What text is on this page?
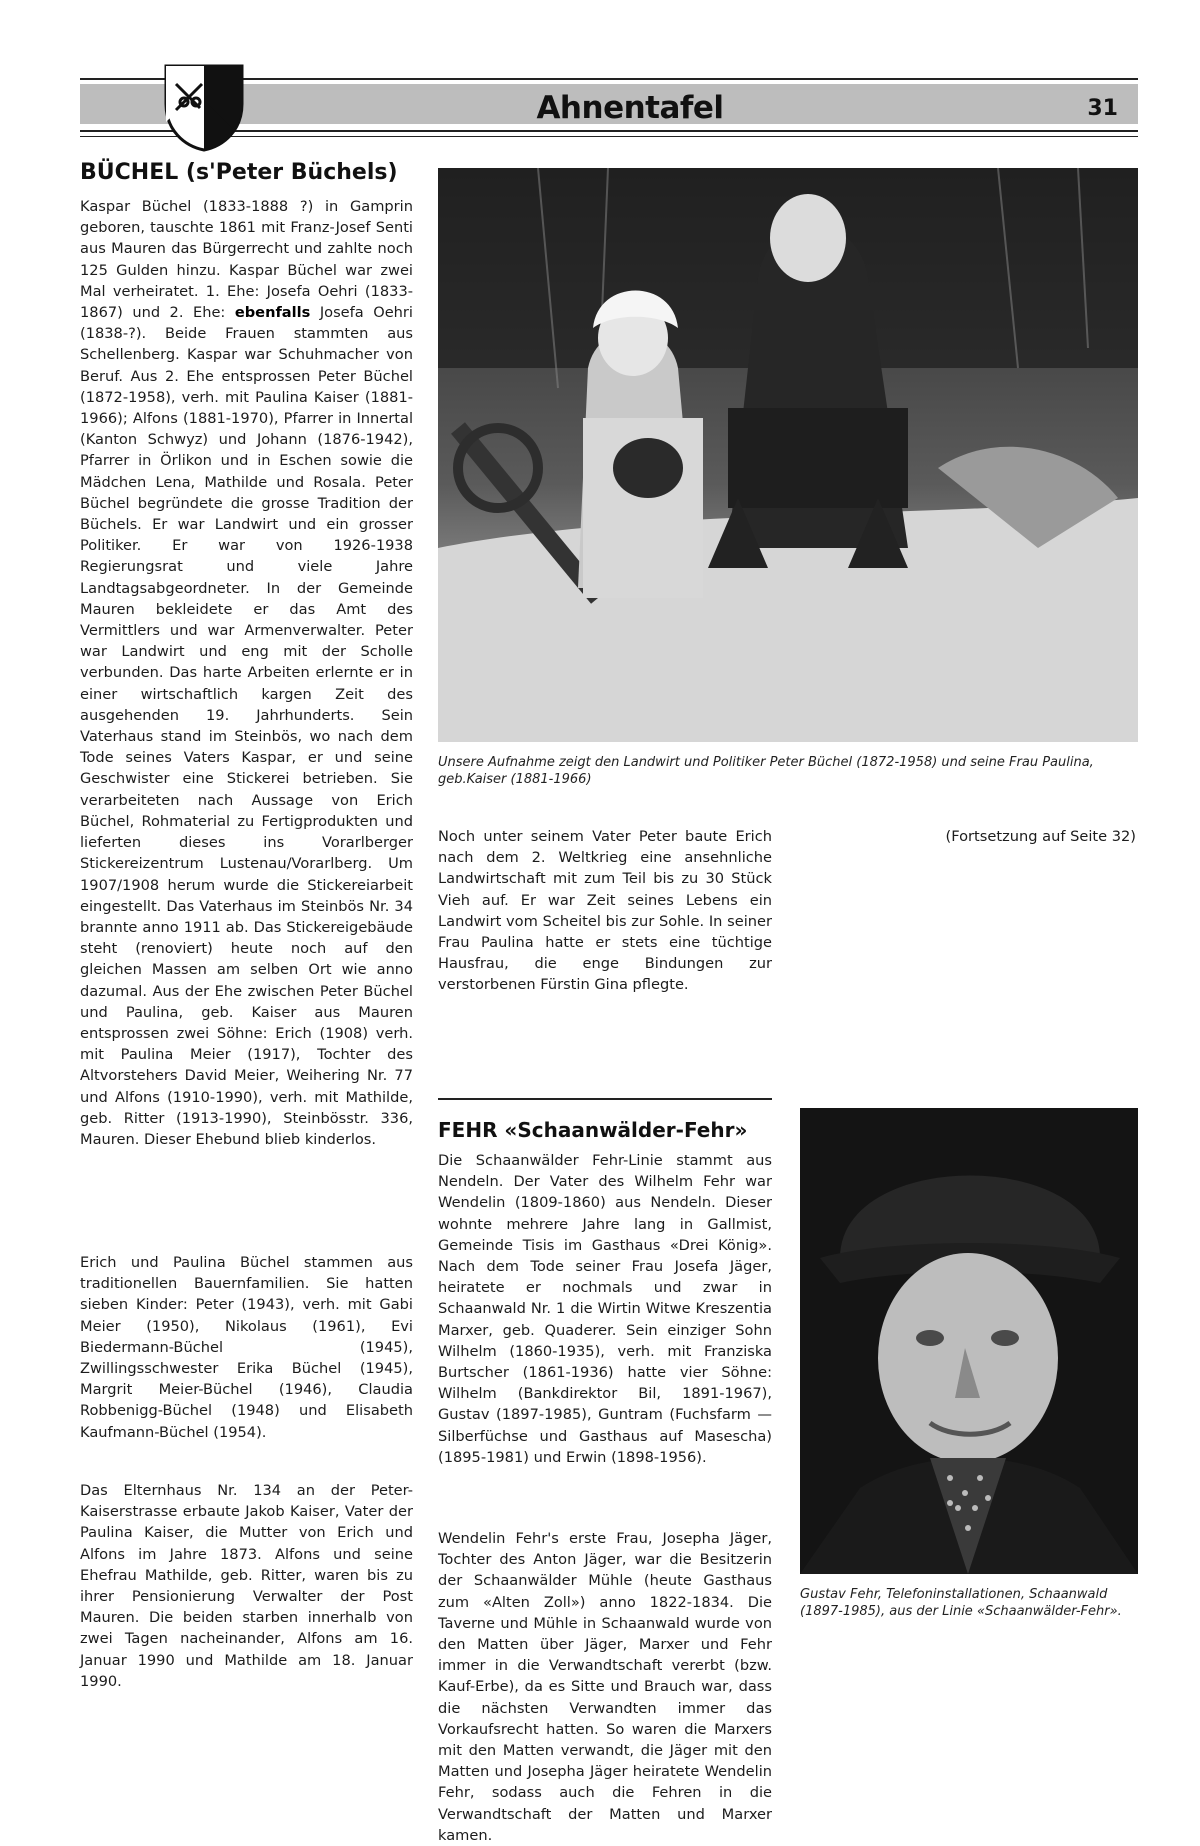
Ahnentafel	31
BÜCHEL (s'Peter Büchels)

Kaspar Büchel (1833-1888 ?) in Gamprin geboren, tauschte 1861 mit Franz-Josef Senti aus Mauren das Bürgerrecht und zahlte noch 125 Gulden hinzu. Kaspar Büchel war zwei Mal verheiratet. 1. Ehe: Josefa Oehri (1833-1867) und 2. Ehe: ebenfalls Josefa Oehri (1838-?). Beide Frauen stammten aus Schellenberg. Kaspar war Schuhmacher von Beruf. Aus 2. Ehe entsprossen Peter Büchel (1872-1958), verh. mit Paulina Kaiser (1881-1966); Alfons (1881-1970), Pfarrer in Innertal (Kanton Schwyz) und Johann (1876-1942), Pfarrer in Örlikon und in Eschen sowie die Mädchen Lena, Mathilde und Rosala. Peter Büchel begründete die grosse Tradition der Büchels. Er war Landwirt und ein grosser Politiker. Er war von 1926-1938 Regierungsrat und viele Jahre Landtagsabgeordneter. In der Gemeinde Mauren bekleidete er das Amt des Vermittlers und war Armenverwalter. Peter war Landwirt und eng mit der Scholle verbunden. Das harte Arbeiten erlernte er in einer wirtschaftlich kargen Zeit des ausgehenden 19. Jahrhunderts. Sein Vaterhaus stand im Steinbös, wo nach dem Tode seines Vaters Kaspar, er und seine Geschwister eine Stickerei betrieben. Sie verarbeiteten nach Aussage von Erich Büchel, Rohmaterial zu Fertigprodukten und lieferten dieses ins Vorarlberger Stickereizentrum Lustenau/Vorarlberg. Um 1907/1908 herum wurde die Stickereiarbeit eingestellt. Das Vaterhaus im Steinbös Nr. 34 brannte anno 1911 ab. Das Stickereigebäude steht (renoviert) heute noch auf den gleichen Massen am selben Ort wie anno dazumal. Aus der Ehe zwischen Peter Büchel und Paulina, geb. Kaiser aus Mauren entsprossen zwei Söhne: Erich (1908) verh. mit Paulina Meier (1917), Tochter des Altvorstehers David Meier, Weihering Nr. 77 und Alfons (1910-1990), verh. mit Mathilde, geb. Ritter (1913-1990), Steinbösstr. 336, Mauren. Dieser Ehebund blieb kinderlos.

Erich und Paulina Büchel stammen aus traditionellen Bauernfamilien. Sie hatten sieben Kinder: Peter (1943), verh. mit Gabi Meier (1950), Nikolaus (1961), Evi Biedermann-Büchel (1945), Zwillingsschwester Erika Büchel (1945), Margrit Meier-Büchel (1946), Claudia Robbenigg-Büchel (1948) und Elisabeth Kaufmann-Büchel (1954).

Das Elternhaus Nr. 134 an der Peter-Kaiserstrasse erbaute Jakob Kaiser, Vater der Paulina Kaiser, die Mutter von Erich und Alfons im Jahre 1873. Alfons und seine Ehefrau Mathilde, geb. Ritter, waren bis zu ihrer Pensionierung Verwalter der Post Mauren. Die beiden starben innerhalb von zwei Tagen nacheinander, Alfons am 16. Januar 1990 und Mathilde am 18. Januar 1990.

Unsere Aufnahme zeigt den Landwirt und Politiker Peter Büchel (1872-1958) und seine Frau Paulina, geb.Kaiser (1881-1966)

Noch unter seinem Vater Peter baute Erich nach dem 2. Weltkrieg eine ansehnliche Landwirtschaft mit zum Teil bis zu 30 Stück Vieh auf. Er war Zeit seines Lebens ein Landwirt vom Scheitel bis zur Sohle. In seiner Frau Paulina hatte er stets eine tüchtige Hausfrau, die enge Bindungen zur verstorbenen Fürstin Gina pflegte.

FEHR «Schaanwälder-Fehr»

Die Schaanwälder Fehr-Linie stammt aus Nendeln. Der Vater des Wilhelm Fehr war Wendelin (1809-1860) aus Nendeln. Dieser wohnte mehrere Jahre lang in Gallmist, Gemeinde Tisis im Gasthaus «Drei König». Nach dem Tode seiner Frau Josefa Jäger, heiratete er nochmals und zwar in Schaanwald Nr. 1 die Wirtin Witwe Kreszentia Marxer, geb. Quaderer. Sein einziger Sohn Wilhelm (1860-1935), verh. mit Franziska Burtscher (1861-1936) hatte vier Söhne: Wilhelm (Bankdirektor Bil, 1891-1967), Gustav (1897-1985), Guntram (Fuchsfarm — Silberfüchse und Gasthaus auf Masescha) (1895-1981) und Erwin (1898-1956).

Wendelin Fehr's erste Frau, Josepha Jäger, Tochter des Anton Jäger, war die Besitzerin der Schaanwälder Mühle (heute Gasthaus zum «Alten Zoll») anno 1822-1834. Die Taverne und Mühle in Schaanwald wurde von den Matten über Jäger, Marxer und Fehr immer in die Verwandtschaft vererbt (bzw. Kauf-Erbe), da es Sitte und Brauch war, dass die nächsten Verwandten immer das Vorkaufsrecht hatten. So waren die Marxers mit den Matten verwandt, die Jäger mit den Matten und Josepha Jäger heiratete Wendelin Fehr, sodass auch die Fehren in die Verwandtschaft der Matten und Marxer kamen.

(Fortsetzung auf Seite 32)

Gustav Fehr, Telefoninstallationen, Schaanwald (1897-1985), aus der Linie «Schaanwälder-Fehr».
